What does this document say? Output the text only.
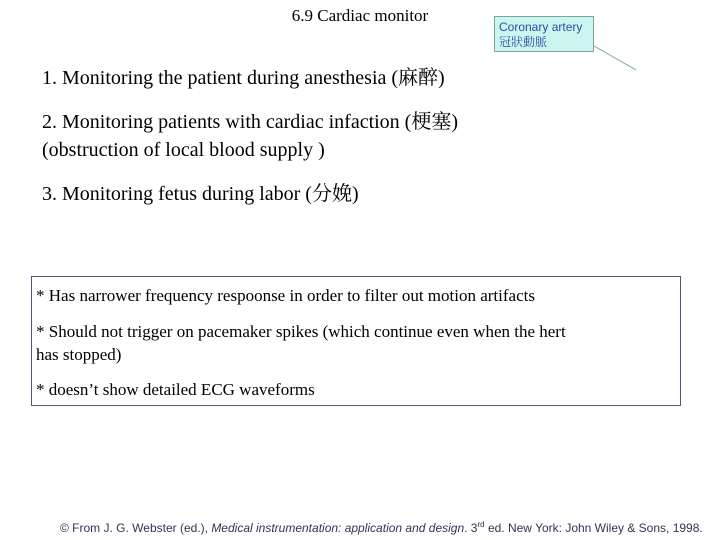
6.9 Cardiac monitor
Coronary artery
冠狀動脈
1. Monitoring the patient during anesthesia (麻醉)
2. Monitoring patients with cardiac infaction (梗塞)
(obstruction of local blood supply )
3. Monitoring fetus during labor (分娩)
* Has narrower frequency respoonse in order to filter out motion artifacts
* Should not trigger on pacemaker spikes (which continue even when the hert
has stopped)
* doesn’t show detailed ECG waveforms
© From J. G. Webster (ed.), Medical instrumentation: application and design. 3rd ed. New York: John Wiley & Sons, 1998.
